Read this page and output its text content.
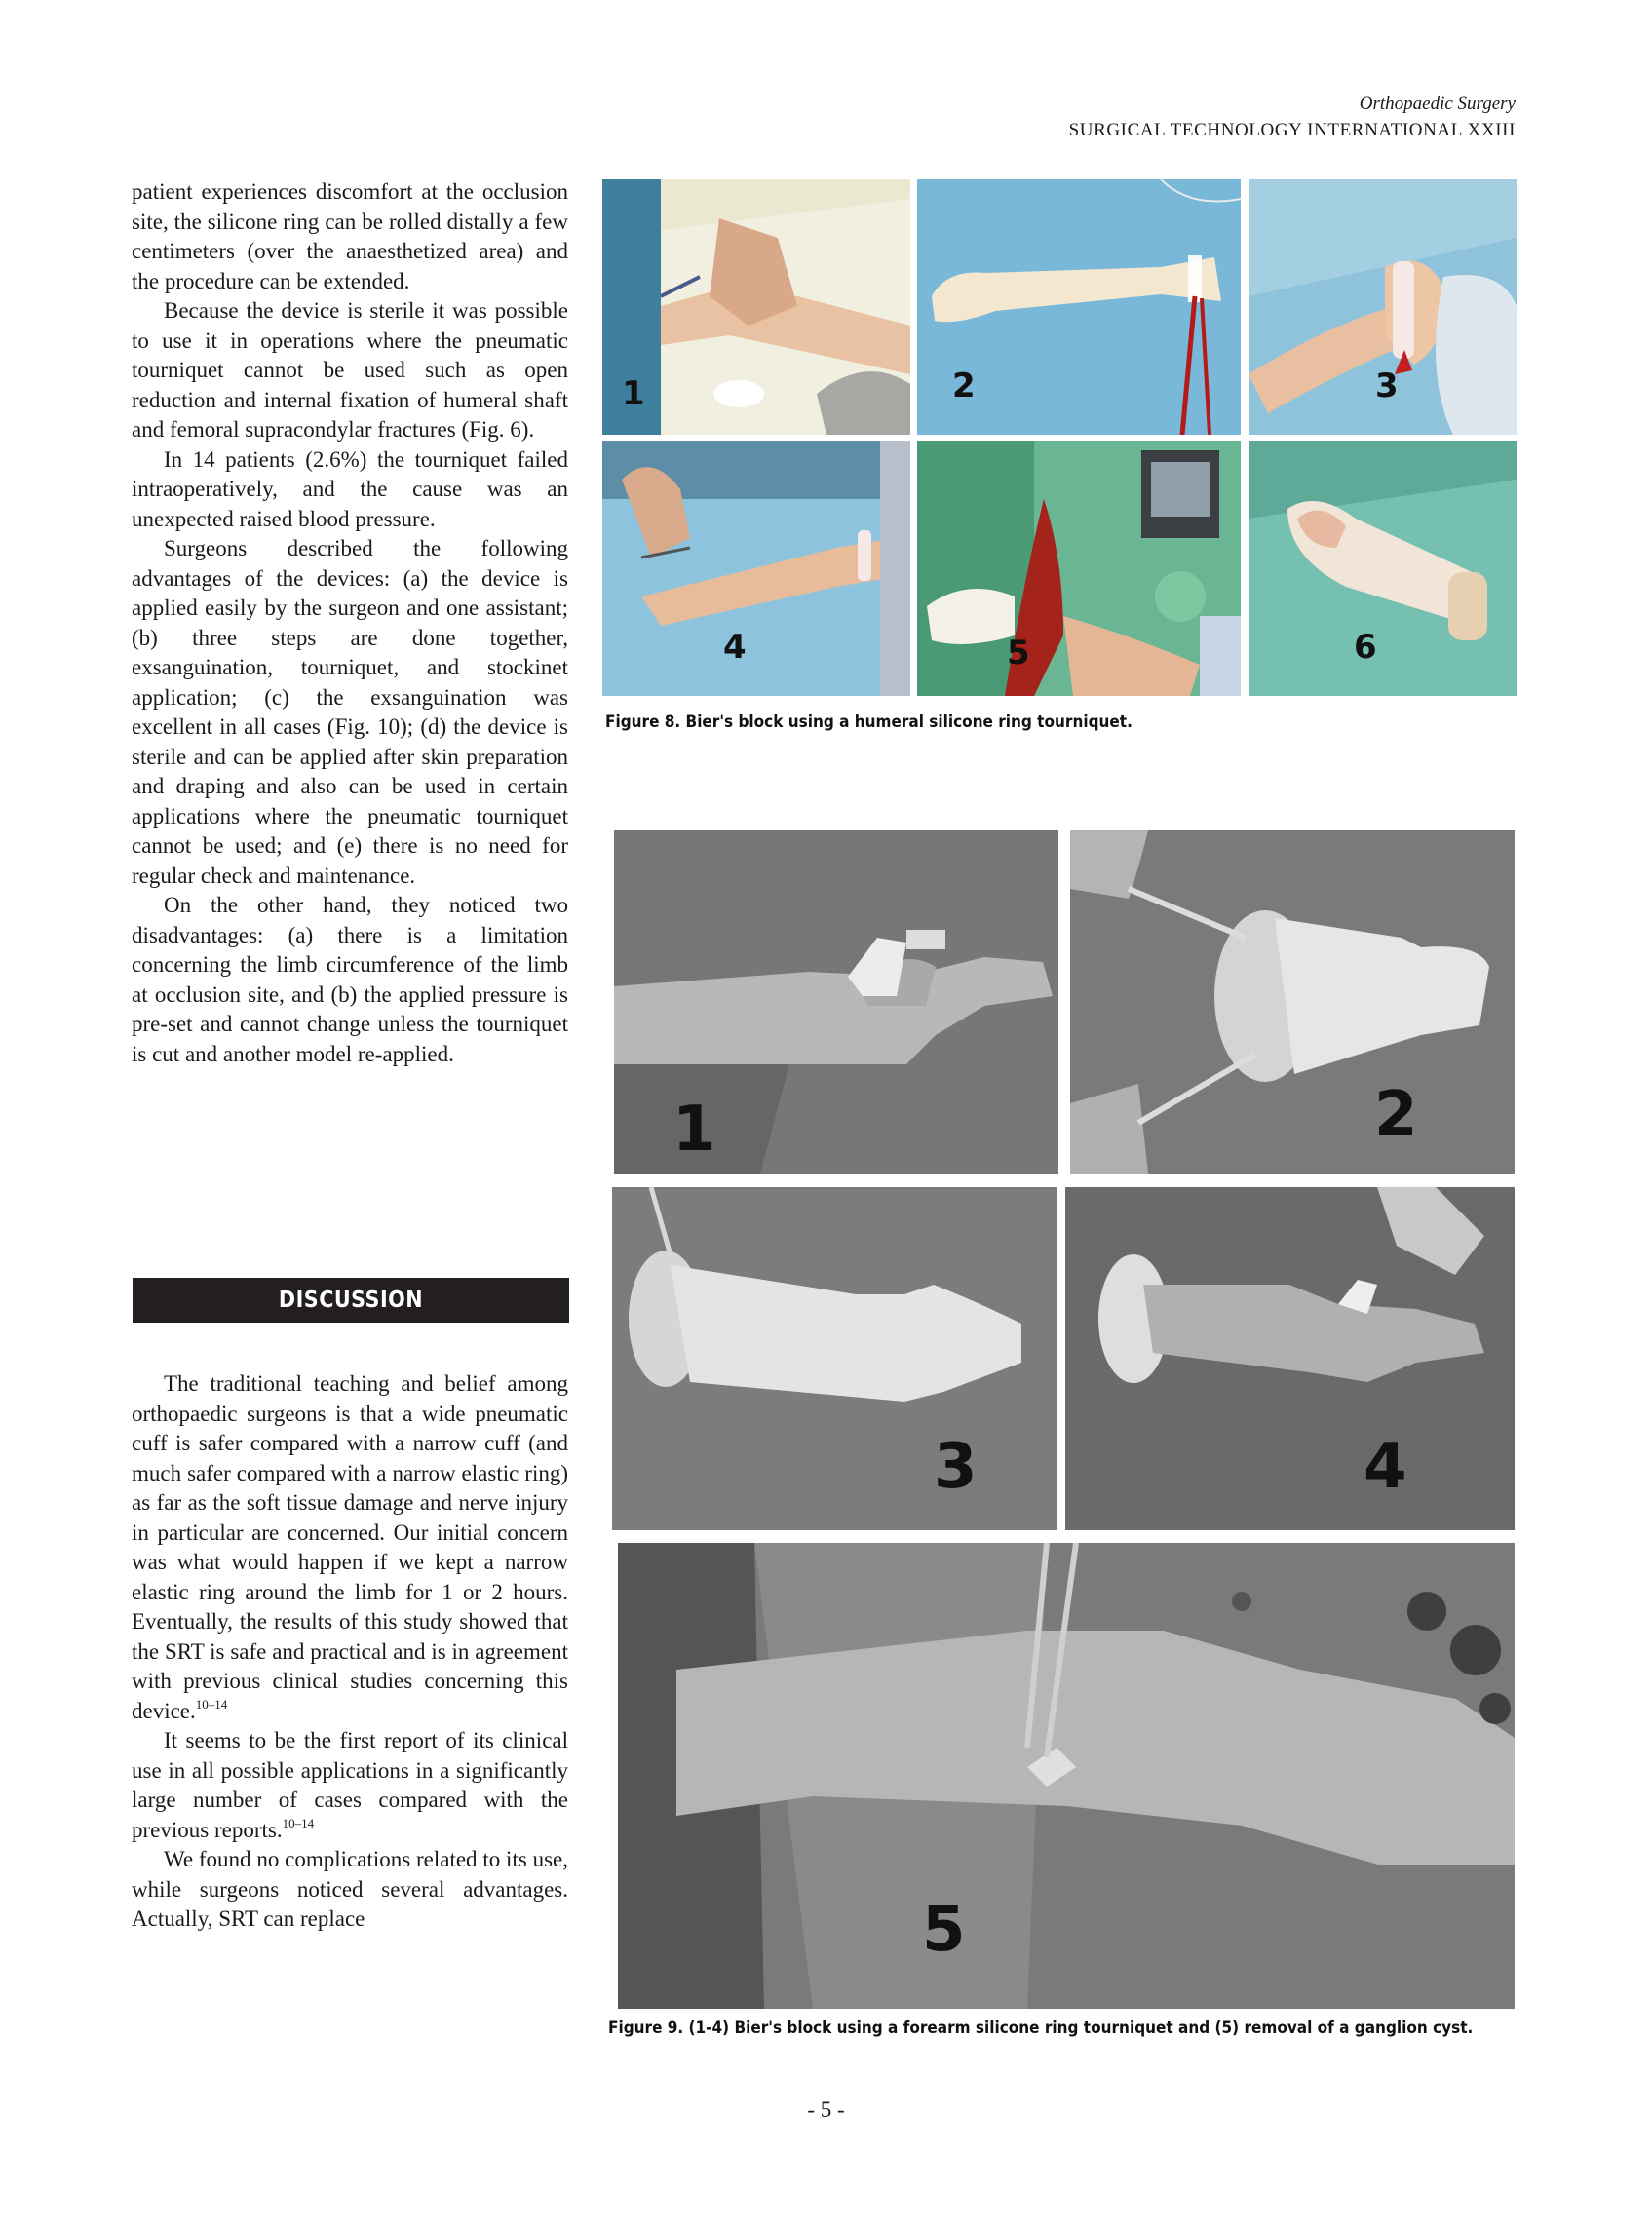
Orthopaedic Surgery
SURGICAL TECHNOLOGY INTERNATIONAL XXIII

patient experiences discomfort at the occlusion site, the silicone ring can be rolled distally a few centimeters (over the anaesthetized area) and the procedure can be extended.

Because the device is sterile it was possible to use it in operations where the pneumatic tourniquet cannot be used such as open reduction and internal fixation of humeral shaft and femoral supracondylar fractures (Fig. 6).

In 14 patients (2.6%) the tourniquet failed intraoperatively, and the cause was an unexpected raised blood pressure.

Surgeons described the following advantages of the devices: (a) the device is applied easily by the surgeon and one assistant; (b) three steps are done together, exsanguination, tourniquet, and stockinet application; (c) the exsanguination was excellent in all cases (Fig. 10); (d) the device is sterile and can be applied after skin preparation and draping and also can be used in certain applications where the pneumatic tourniquet cannot be used; and (e) there is no need for regular check and maintenance.

On the other hand, they noticed two disadvantages: (a) there is a limitation concerning the limb circumference of the limb at occlusion site, and (b) the applied pressure is pre-set and cannot change unless the tourniquet is cut and another model re-applied.

DISCUSSION

The traditional teaching and belief among orthopaedic surgeons is that a wide pneumatic cuff is safer compared with a narrow cuff (and much safer compared with a narrow elastic ring) as far as the soft tissue damage and nerve injury in particular are concerned. Our initial concern was what would happen if we kept a narrow elastic ring around the limb for 1 or 2 hours. Eventually, the results of this study showed that the SRT is safe and practical and is in agreement with previous clinical studies concerning this device.$^{10-14}$

It seems to be the first report of its clinical use in all possible applications in a significantly large number of cases compared with the previous reports.$^{10-14}$

We found no complications related to its use, while surgeons noticed several advantages. Actually, SRT can replace

1	2	3
4	5	6
Figure 8. Bier's block using a humeral silicone ring tourniquet.
1	2
3	4
5
Figure 9. (1-4) Bier's block using a forearm silicone ring tourniquet and (5) removal of a ganglion cyst.
- 5 -
